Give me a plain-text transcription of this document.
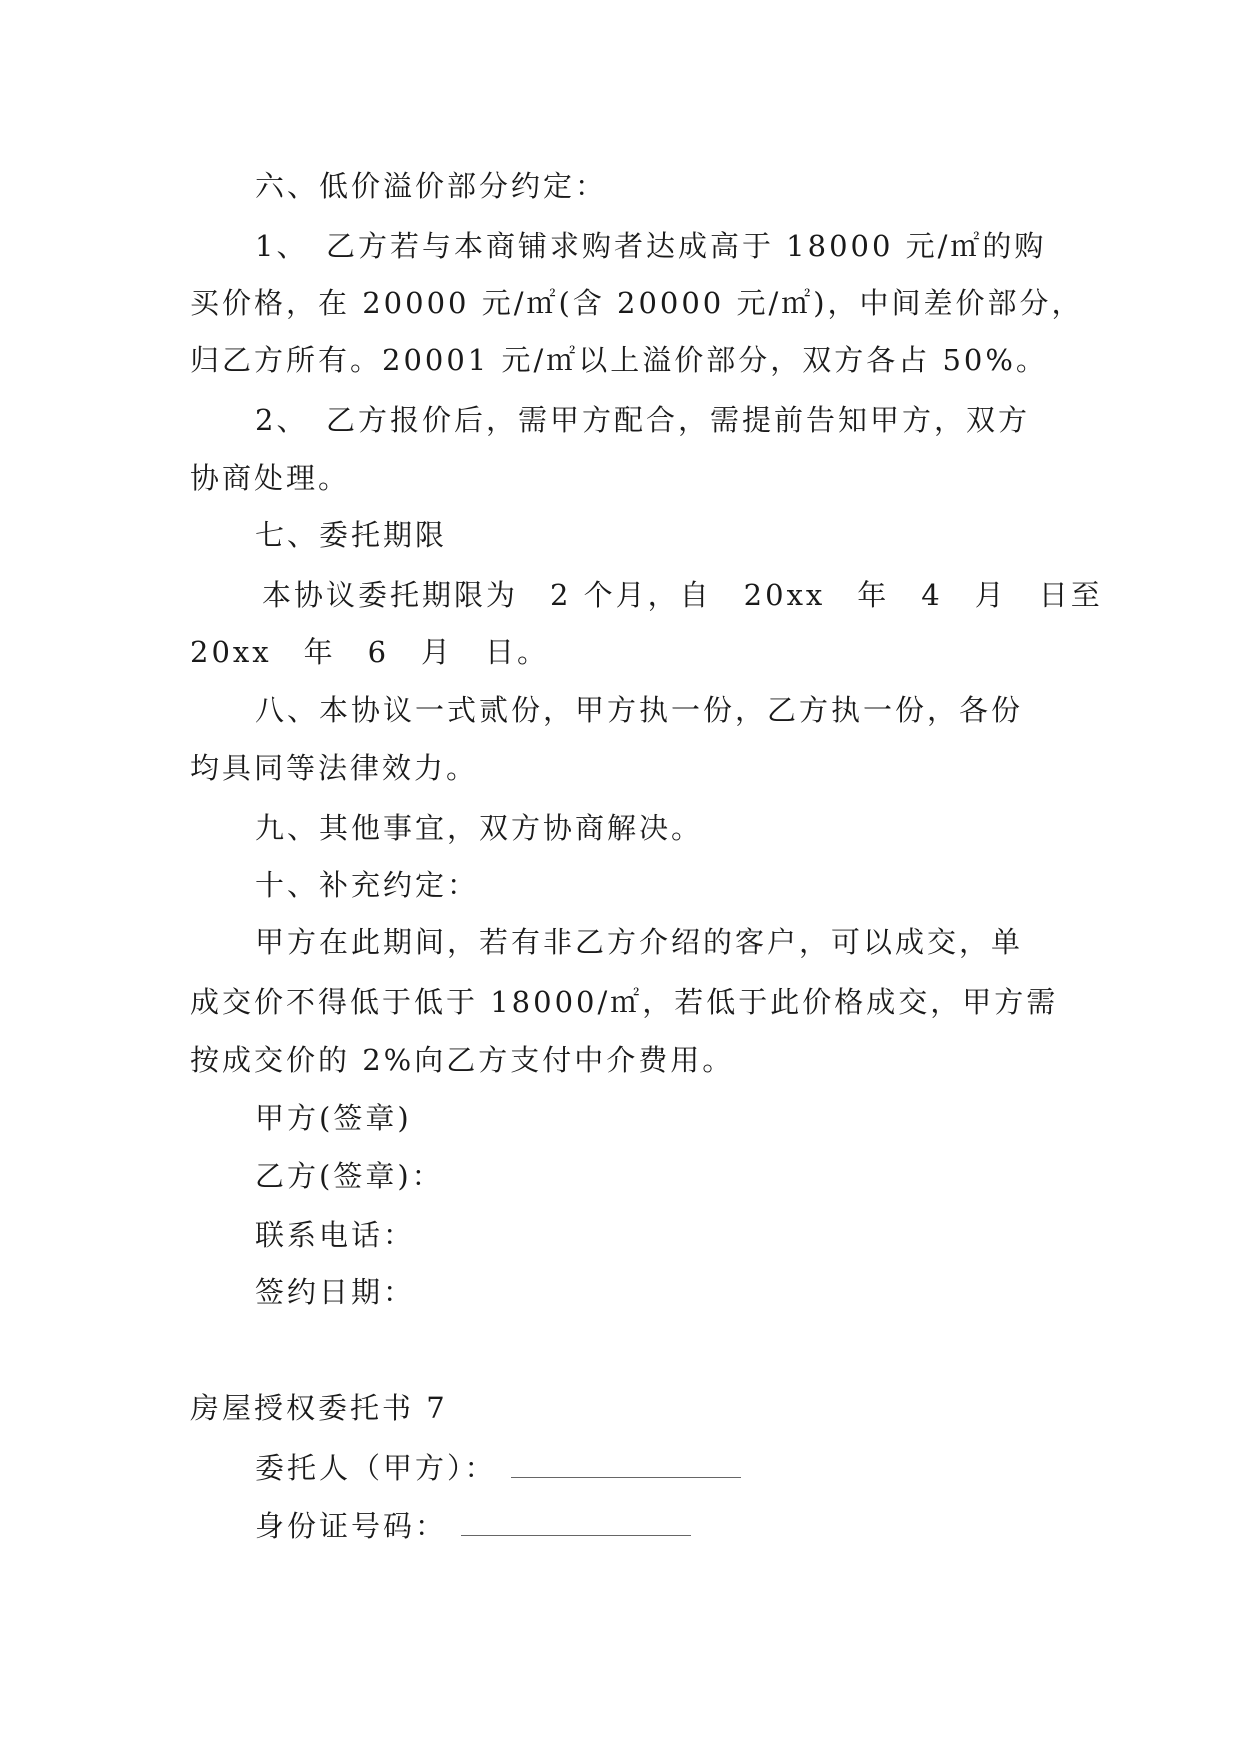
六、低价溢价部分约定：
1、　乙方若与本商铺求购者达成高于 18000 元/㎡的购
买价格，在 20000 元/㎡(含 20000 元/㎡)，中间差价部分，
归乙方所有。20001 元/㎡以上溢价部分，双方各占 50%。
2、　乙方报价后，需甲方配合，需提前告知甲方，双方
协商处理。
七、委托期限
本协议委托期限为　2 个月，自　20xx　年　4　月　日至
20xx　年　6　月　日。
八、本协议一式贰份，甲方执一份，乙方执一份，各份
均具同等法律效力。
九、其他事宜，双方协商解决。
十、补充约定：
甲方在此期间，若有非乙方介绍的客户，可以成交，单
成交价不得低于低于 18000/㎡，若低于此价格成交，甲方需
按成交价的 2%向乙方支付中介费用。
甲方(签章)
乙方(签章)：
联系电话：
签约日期：
房屋授权委托书 7
委托人（甲方）：
身份证号码：
